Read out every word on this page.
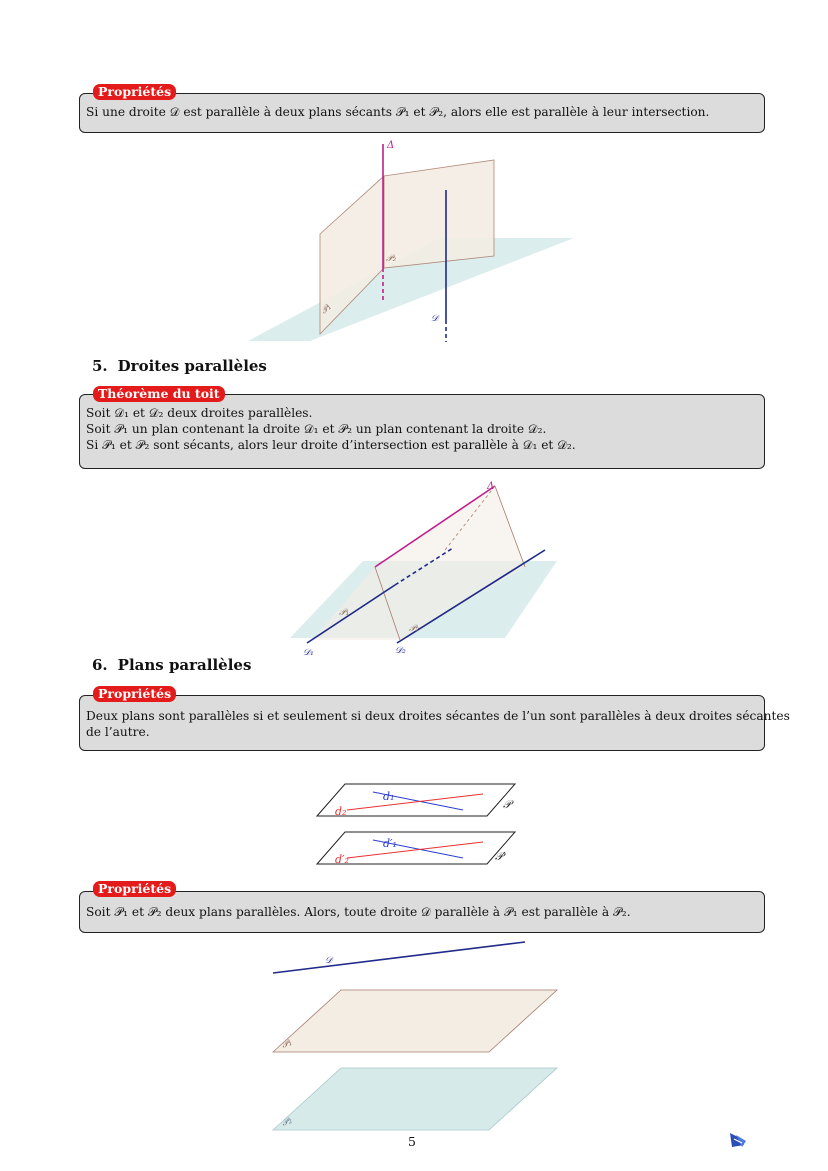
Propriétés
Si une droite 𝒟 est parallèle à deux plans sécants 𝒫₁ et 𝒫₂, alors elle est parallèle à leur intersection.
Δ
𝒫₂
𝒫₁
𝒟
5. Droites parallèles
Théorème du toit
Soit 𝒟₁ et 𝒟₂ deux droites parallèles.
Soit 𝒫₁ un plan contenant la droite 𝒟₁ et 𝒫₂ un plan contenant la droite 𝒟₂.
Si 𝒫₁ et 𝒫₂ sont sécants, alors leur droite d’intersection est parallèle à 𝒟₁ et 𝒟₂.
Δ
𝒫₁
𝒫₂
𝒟₁	𝒟₂
6. Plans parallèles
Propriétés
Deux plans sont parallèles si et seulement si deux droites sécantes de l’un sont parallèles à deux droites sécantes
de l’autre.
d₁
d₂
𝒫
d′₁
d′₂	𝒫′
Propriétés
Soit 𝒫₁ et 𝒫₂ deux plans parallèles. Alors, toute droite 𝒟 parallèle à 𝒫₁ est parallèle à 𝒫₂.
𝒟
𝒫₁
𝒫₂
5
